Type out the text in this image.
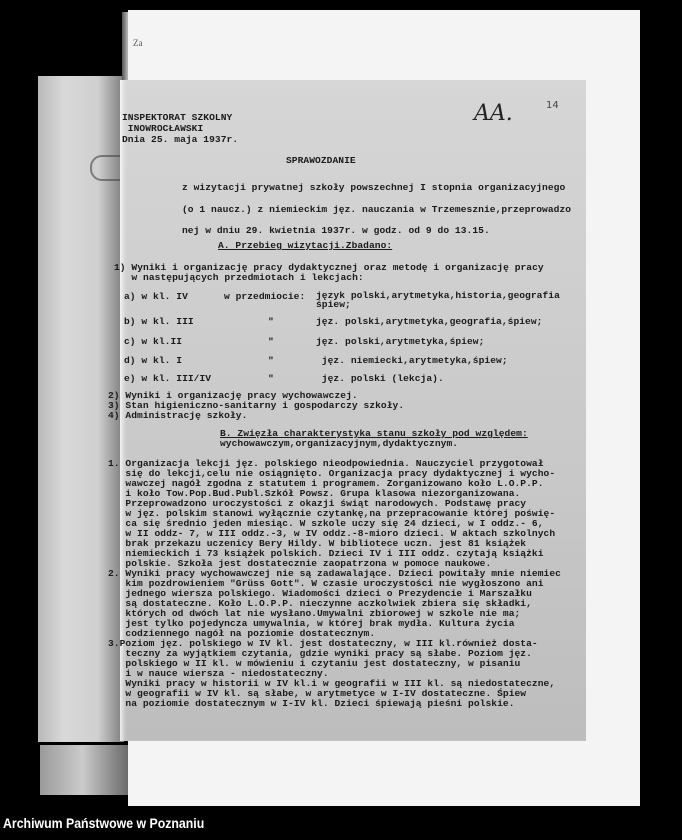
Za
INSPEKTORAT SZKOLNY
INOWROCŁAWSKI
Dnia 25. maja 1937r.
AA.	14
SPRAWOZDANIE
z wizytacji prywatnej szkoły powszechnej I stopnia organizacyjnego
(o 1 naucz.) z niemieckim jęz. nauczania w Trzemesznie,przeprowadzo
nej w dniu 29. kwietnia 1937r. w godz. od 9 do 13.15.
A. Przebieg wizytacji.Zbadano:
1) Wyniki i organizację pracy dydaktycznej oraz metodę i organizację pracy
w następujących przedmiotach i lekcjach:
a) w kl. IV	w przedmiocie: język polski,arytmetyka,historia,geografia
śpiew;
b) w kl. III	"	jęz. polski,arytmetyka,geografia,śpiew;
c) w kl.II	"	jęz. polski,arytmetyka,śpiew;
d) w kl. I	"	jęz. niemiecki,arytmetyka,śpiew;
e) w kl. III/IV	"	jęz. polski (lekcja).
2) Wyniki i organizację pracy wychowawczej.
3) Stan higieniczno-sanitarny i gospodarczy szkoły.
4) Administrację szkoły.
B. Zwięzła charakterystyka stanu szkoły pod względem:
wychowawczym,organizacyjnym,dydaktycznym.
1. Organizacja lekcji jęz. polskiego nieodpowiednia. Nauczyciel przygotował
się do lekcji,celu nie osiągnięto. Organizacja pracy dydaktycznej i wycho-
wawczej nagół zgodna z statutem i programem. Zorganizowano koło L.O.P.P.
i koło Tow.Pop.Bud.Publ.Szkół Powsz. Grupa klasowa niezorganizowana.
Przeprowadzono uroczystości z okazji świąt narodowych. Podstawę pracy
w jęz. polskim stanowi wyłącznie czytankę,na przepracowanie której poświę-
ca się średnio jeden miesiąc. W szkole uczy się 24 dzieci, w I oddz.- 6,
w II oddz- 7, w III oddz.-3, w IV oddz.-8-mioro dzieci. W aktach szkolnych
brak przekazu uczenicy Bery Hildy. W bibliotece uczn. jest 81 książek
niemieckich i 73 książek polskich. Dzieci IV i III oddz. czytają książki
polskie. Szkoła jest dostatecznie zaopatrzona w pomoce naukowe.
2. Wyniki pracy wychowawczej nie są zadawalające. Dzieci powitały mnie niemiec
kim pozdrowieniem "Grüss Gott". W czasie uroczystości nie wygłoszono ani
jednego wiersza polskiego. Wiadomości dzieci o Prezydencie i Marszałku
są dostateczne. Koło L.O.P.P. nieczynne aczkolwiek zbiera się składki,
których od dwóch lat nie wysłano.Umywalni zbiorowej w szkole nie ma;
jest tylko pojedyncza umywalnia, w której brak mydła. Kultura życia
codziennego nagół na poziomie dostatecznym.
3.Poziom jęz. polskiego w IV kl. jest dostateczny, w III kl.również dosta-
teczny za wyjątkiem czytania, gdzie wyniki pracy są słabe. Poziom jęz.
polskiego w II kl. w mówieniu i czytaniu jest dostateczny, w pisaniu
i w nauce wiersza - niedostateczny.
Wyniki pracy w historii w IV kl.i w geografii w III kl. są niedostateczne,
w geografii w IV kl. są słabe, w arytmetyce w I-IV dostateczne. Śpiew
na poziomie dostatecznym w I-IV kl. Dzieci śpiewają pieśni polskie.
Archiwum Państwowe w Poznaniu
